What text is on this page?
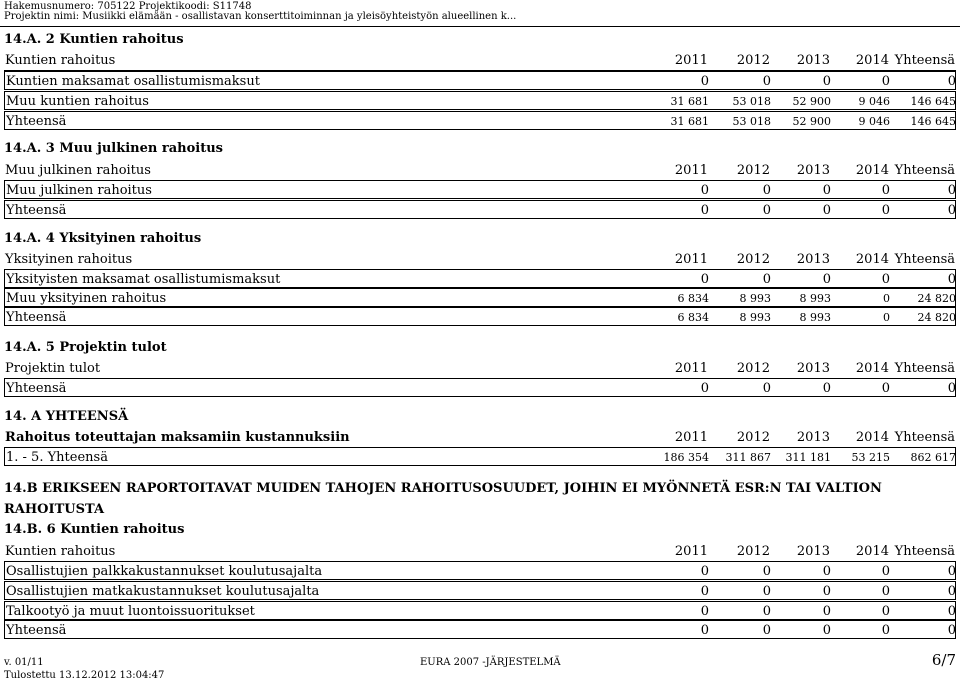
Hakemusnumero: 705122 Projektikoodi: S11748
Projektin nimi: Musiikki elämään - osallistavan konserttitoiminnan ja yleisöyhteistyön alueellinen k...
14.A. 2 Kuntien rahoitus
Kuntien rahoitus	2011	2012	2013	2014 Yhteensä
Kuntien maksamat osallistumismaksut	0	0	0	0	0
Muu kuntien rahoitus	31 681	53 018	52 900	9 046	146 645
Yhteensä	31 681	53 018	52 900	9 046	146 645
14.A. 3 Muu julkinen rahoitus
Muu julkinen rahoitus	2011	2012	2013	2014 Yhteensä
Muu julkinen rahoitus	0	0	0	0	0
Yhteensä	0	0	0	0	0
14.A. 4 Yksityinen rahoitus
Yksityinen rahoitus	2011	2012	2013	2014 Yhteensä
Yksityisten maksamat osallistumismaksut	0	0	0	0	0
Muu yksityinen rahoitus	6 834	8 993	8 993	0	24 820
Yhteensä	6 834	8 993	8 993	0	24 820
14.A. 5 Projektin tulot
Projektin tulot	2011	2012	2013	2014 Yhteensä
Yhteensä	0	0	0	0	0
14. A YHTEENSÄ
Rahoitus toteuttajan maksamiin kustannuksiin	2011	2012	2013	2014 Yhteensä
1. - 5. Yhteensä	186 354	311 867	311 181	53 215	862 617
14.B ERIKSEEN RAPORTOITAVAT MUIDEN TAHOJEN RAHOITUSOSUUDET, JOIHIN EI MYÖNNETÄ ESR:N TAI VALTION RAHOITUSTA
14.B. 6 Kuntien rahoitus
Kuntien rahoitus	2011	2012	2013	2014 Yhteensä
Osallistujien palkkakustannukset koulutusajalta	0	0	0	0	0
Osallistujien matkakustannukset koulutusajalta	0	0	0	0	0
Talkootyö ja muut luontoissuoritukset	0	0	0	0	0
Yhteensä	0	0	0	0	0
v. 01/11	EURA 2007 -JÄRJESTELMÄ	6/7
Tulostettu 13.12.2012 13:04:47
